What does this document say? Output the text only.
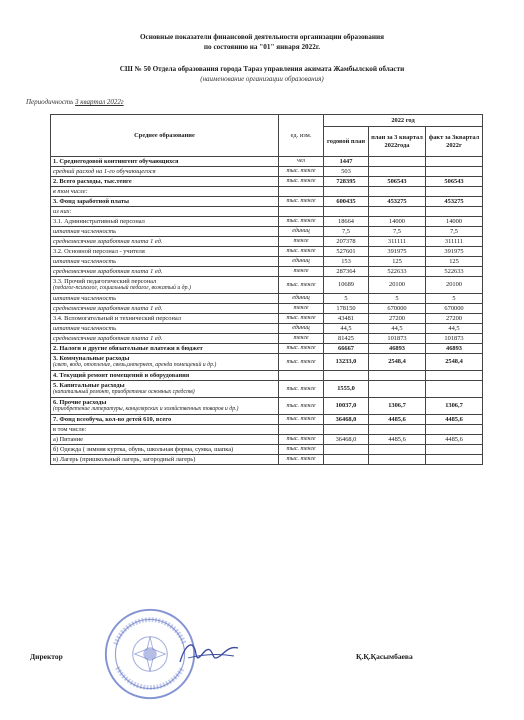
Основные показатели финансовой деятельности организации образования
по состоянию на "01" января 2022г.
СШ № 50 Отдела образования города Тараз управления акимата Жамбылской области
(наименование организации образования)
Периодичность 3 квартал 2022г
Среднее образование	ед. изм.	2022 год		
		годовой план	план за 3 квартал 2022года	факт за 3квартал 2022г
1. Среднегодовой контингент обучающихся	чел	1447		
средний расход на 1-го обучающегося	тыс. тенге	503		
2. Всего расходы, тыс.тенге	тыс. тенге	728395	506543	506543
в том числе:				
3. Фонд заработной платы	тыс. тенге	600435	453275	453275
из них:				
3.1. Административный персонал	тыс. тенге	18664	14000	14000
штатная численность	единиц	7,5	7,5	7,5
среднемесячная заработная плата 1 ед.	тенге	207378	311111	311111
3.2. Основной персонал - учителя	тыс. тенге	527601	391975	391975
штатная численность	единиц	153	125	125
среднемесячная заработная плата 1 ед.	тенге	287364	522633	522633
3.3. Прочий педагогический персонал
(педагог-психолог, социальный педагог, вожатый и др.)	тыс. тенге	10689	20100	20100
штатная численность	единиц	5	5	5
среднемесячная заработная плата 1 ед.	тенге	178150	670000	670000
3.4. Вспомогательный и технический персонал	тыс. тенге	43481	27200	27200
штатная численность	единиц	44,5	44,5	44,5
среднемесячная заработная плата 1 ед.	тенге	81425	101873	101873
2. Налоги и другие обязательные платежи в бюджет	тыс. тенге	66667	46893	46893
3. Коммунальные расходы
(свет, вода, отопление, связь,интернет, аренда помещений и др.)	тыс. тенге	13233,0	2548,4	2548,4
4. Текущий ремонт помещений и оборудования				
5. Капитальные расходы
(капитальный ремонт, приобретение основных средств)	тыс. тенге	1555,0		
6. Прочие расходы
(приобретение литературы, канцелярских и хозяйственных товаров и др.)	тыс. тенге	10037,0	1306,7	1306,7
7. Фонд всеобуча, кол-во детей 610, всего	тыс. тенге	36468,0	4485,6	4485,6
в том числе:				
а) Питание	тыс. тенге	36468,0	4485,6	4485,6
б) Одежда ( зимняя куртка, обувь, школьная форма, сумка, шапка)	тыс. тенге			
в) Лагерь (пришкольный лагерь, загородный лагерь)	тыс. тенге			
Директор	Қ.Қ.Қасымбаева
